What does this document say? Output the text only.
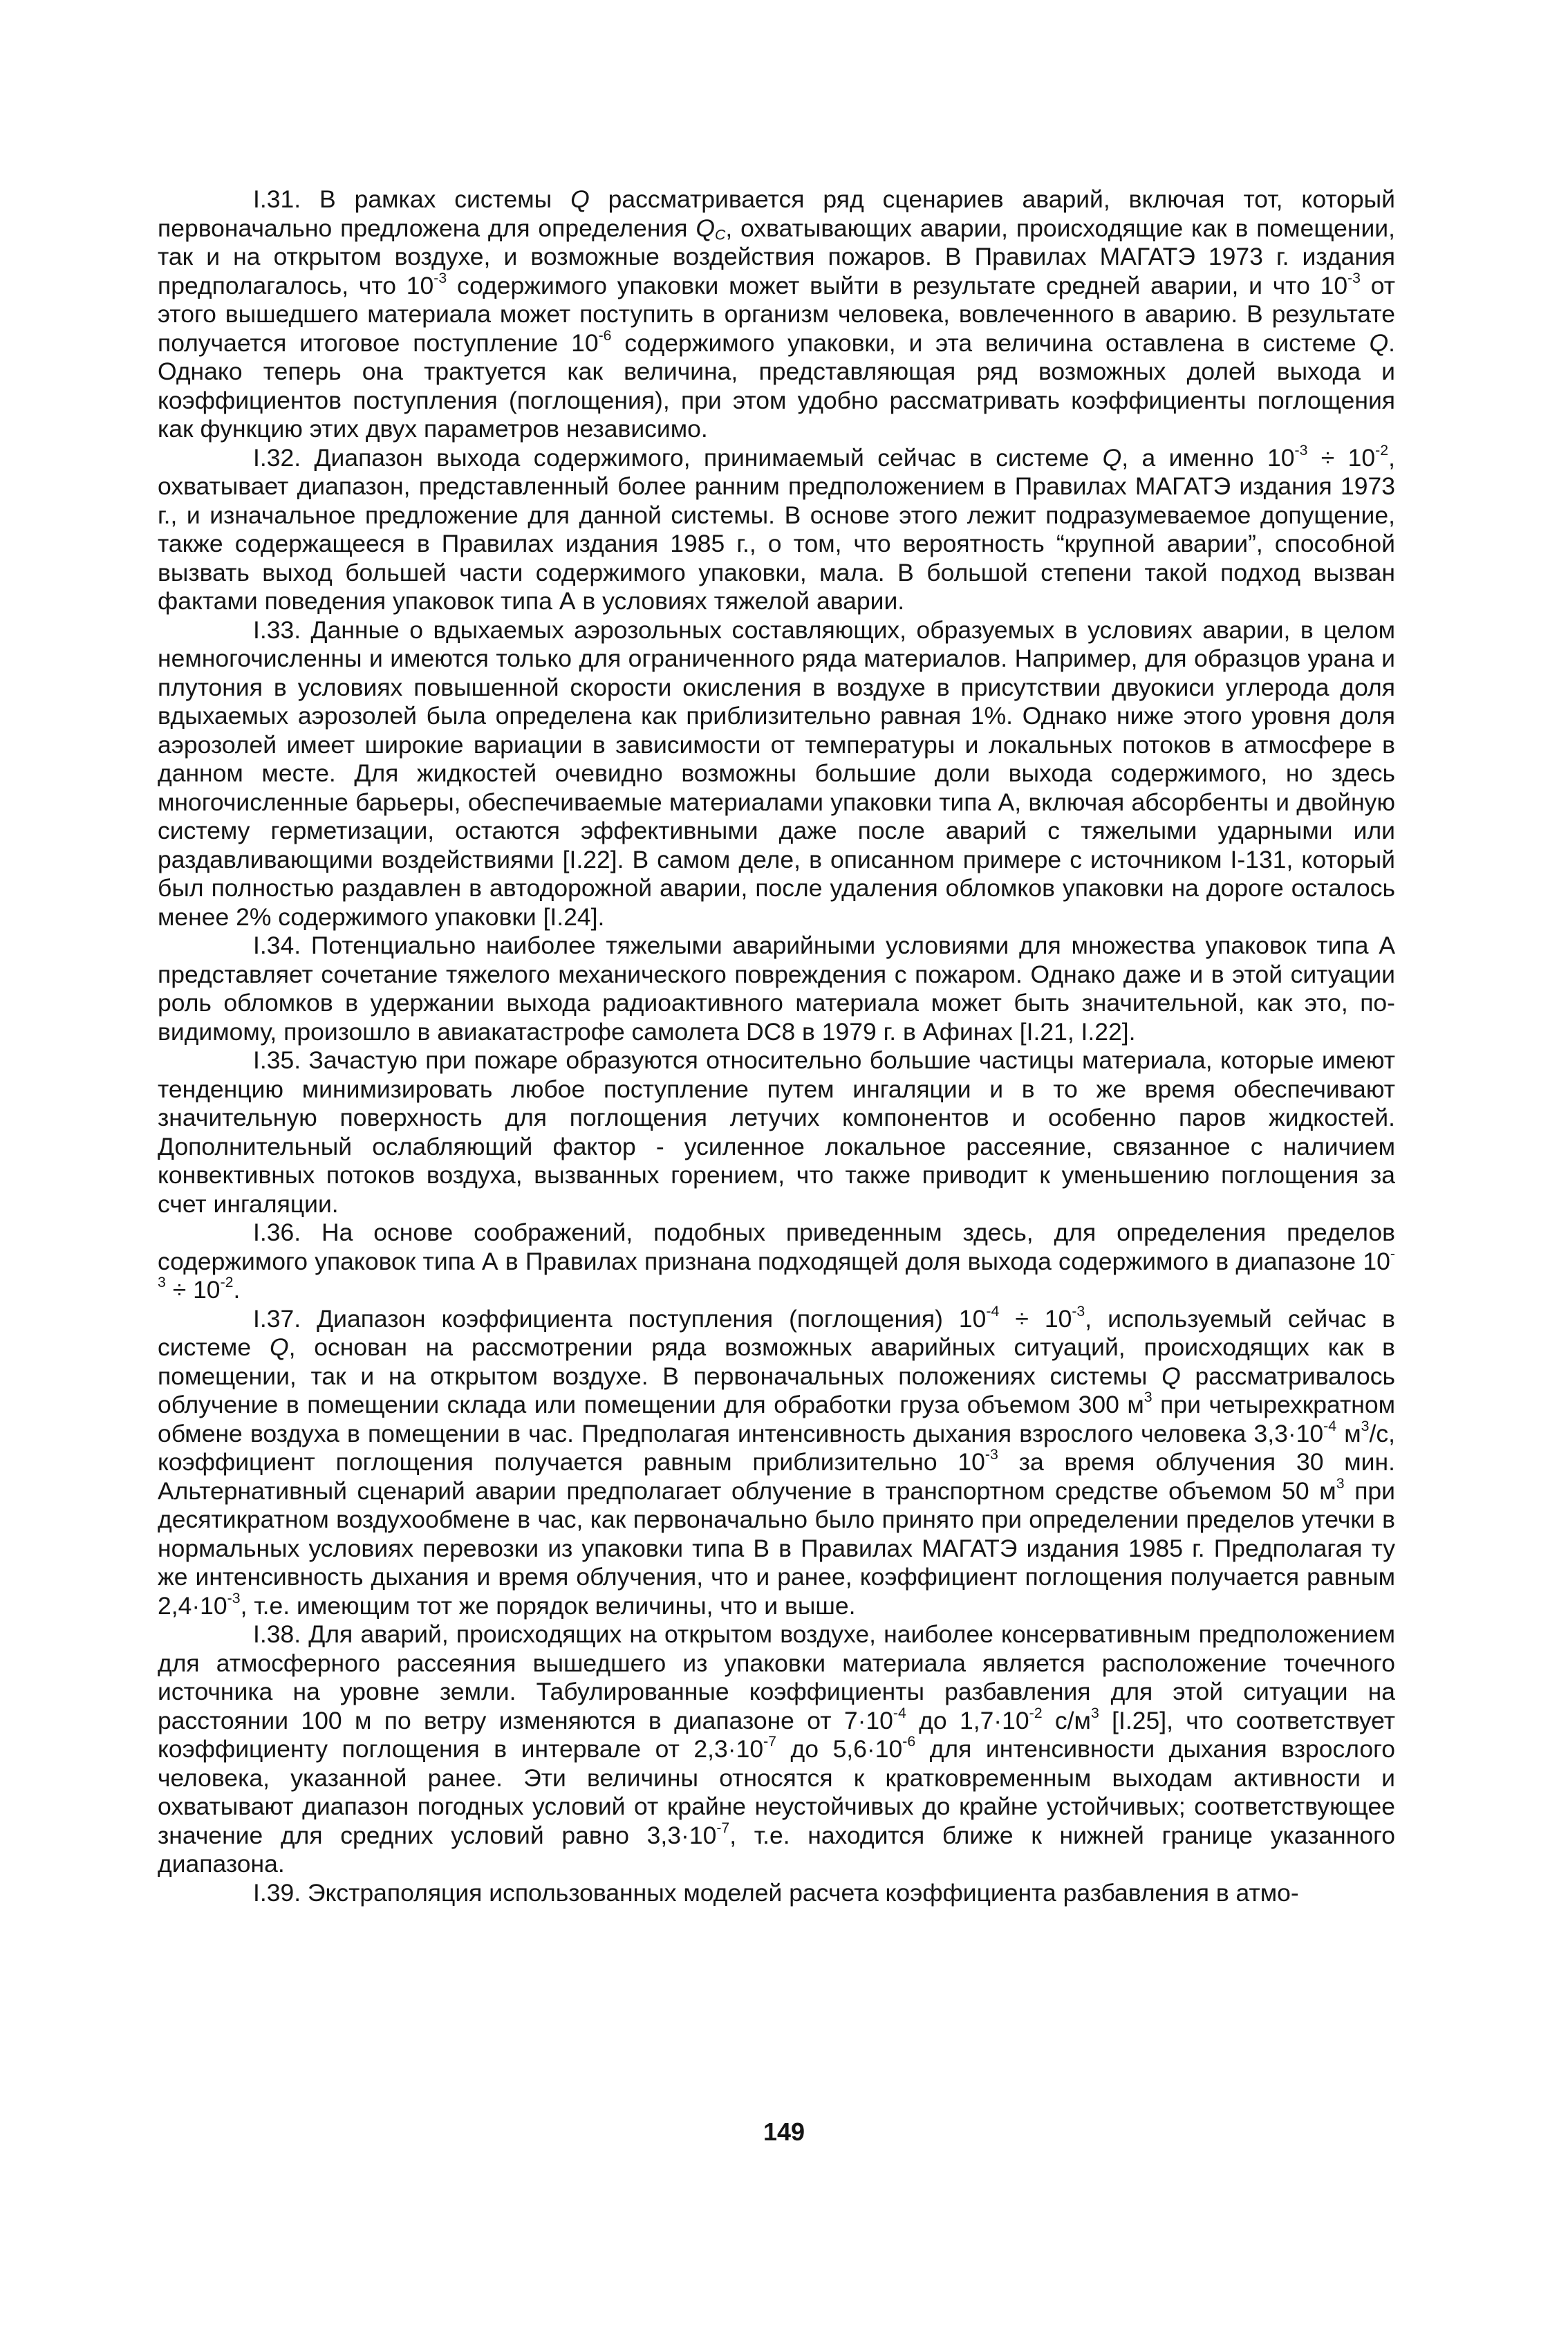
I.31. В рамках системы Q рассматривается ряд сценариев аварий, включая тот, который первоначально предложена для определения $Q_C$, охватывающих аварии, происходящие как в помещении, так и на открытом воздухе, и возможные воздействия пожаров. В Правилах МАГАТЭ 1973 г. издания предполагалось, что $10^{-3}$ содержимого упаковки может выйти в результате средней аварии, и что $10^{-3}$ от этого вышедшего материала может поступить в организм человека, вовлеченного в аварию. В результате получается итоговое поступление $10^{-6}$ содержимого упаковки, и эта величина оставлена в системе Q. Однако теперь она трактуется как величина, представляющая ряд возможных долей выхода и коэффициентов поступления (поглощения), при этом удобно рассматривать коэффициенты поглощения как функцию этих двух параметров независимо.

I.32. Диапазон выхода содержимого, принимаемый сейчас в системе Q, а именно $10^{-3} \div 10^{-2}$, охватывает диапазон, представленный более ранним предположением в Правилах МАГАТЭ издания 1973 г., и изначальное предложение для данной системы. В основе этого лежит подразумеваемое допущение, также содержащееся в Правилах издания 1985 г., о том, что вероятность “крупной аварии”, способной вызвать выход большей части содержимого упаковки, мала. В большой степени такой подход вызван фактами поведения упаковок типа А в условиях тяжелой аварии.

I.33. Данные о вдыхаемых аэрозольных составляющих, образуемых в условиях аварии, в целом немногочисленны и имеются только для ограниченного ряда материалов. Например, для образцов урана и плутония в условиях повышенной скорости окисления в воздухе в присутствии двуокиси углерода доля вдыхаемых аэрозолей была определена как приблизительно равная 1%. Однако ниже этого уровня доля аэрозолей имеет широкие вариации в зависимости от температуры и локальных потоков в атмосфере в данном месте. Для жидкостей очевидно возможны большие доли выхода содержимого, но здесь многочисленные барьеры, обеспечиваемые материалами упаковки типа А, включая абсорбенты и двойную систему герметизации, остаются эффективными даже после аварий с тяжелыми ударными или раздавливающими воздействиями [I.22]. В самом деле, в описанном примере с источником I-131, который был полностью раздавлен в автодорожной аварии, после удаления обломков упаковки на дороге осталось менее 2% содержимого упаковки [I.24].

I.34. Потенциально наиболее тяжелыми аварийными условиями для множества упаковок типа А представляет сочетание тяжелого механического повреждения с пожаром. Однако даже и в этой ситуации роль обломков в удержании выхода радиоактивного материала может быть значительной, как это, по-видимому, произошло в авиакатастрофе самолета DC8 в 1979 г. в Афинах [I.21, I.22].

I.35. Зачастую при пожаре образуются относительно большие частицы материала, которые имеют тенденцию минимизировать любое поступление путем ингаляции и в то же время обеспечивают значительную поверхность для поглощения летучих компонентов и особенно паров жидкостей. Дополнительный ослабляющий фактор - усиленное локальное рассеяние, связанное с наличием конвективных потоков воздуха, вызванных горением, что также приводит к уменьшению поглощения за счет ингаляции.

I.36. На основе соображений, подобных приведенным здесь, для определения пределов содержимого упаковок типа А в Правилах признана подходящей доля выхода содержимого в диапазоне $10^{-3} \div 10^{-2}$.

I.37. Диапазон коэффициента поступления (поглощения) $10^{-4} \div 10^{-3}$, используемый сейчас в системе Q, основан на рассмотрении ряда возможных аварийных ситуаций, происходящих как в помещении, так и на открытом воздухе. В первоначальных положениях системы Q рассматривалось облучение в помещении склада или помещении для обработки груза объемом 300 $м^3$ при четырехкратном обмене воздуха в помещении в час. Предполагая интенсивность дыхания взрослого человека $3,3\cdot 10^{-4}$ $м^3/с$, коэффициент поглощения получается равным приблизительно $10^{-3}$ за время облучения 30 мин. Альтернативный сценарий аварии предполагает облучение в транспортном средстве объемом 50 $м^3$ при десятикратном воздухообмене в час, как первоначально было принято при определении пределов утечки в нормальных условиях перевозки из упаковки типа В в Правилах МАГАТЭ издания 1985 г. Предполагая ту же интенсивность дыхания и время облучения, что и ранее, коэффициент поглощения получается равным $2,4\cdot 10^{-3}$, т.е. имеющим тот же порядок величины, что и выше.

I.38. Для аварий, происходящих на открытом воздухе, наиболее консервативным предположением для атмосферного рассеяния вышедшего из упаковки материала является расположение точечного источника на уровне земли. Табулированные коэффициенты разбавления для этой ситуации на расстоянии 100 м по ветру изменяются в диапазоне от $7\cdot 10^{-4}$ до $1,7\cdot 10^{-2}$ $с/м^3$ [I.25], что соответствует коэффициенту поглощения в интервале от $2,3\cdot 10^{-7}$ до $5,6\cdot 10^{-6}$ для интенсивности дыхания взрослого человека, указанной ранее. Эти величины относятся к кратковременным выходам активности и охватывают диапазон погодных условий от крайне неустойчивых до крайне устойчивых; соответствующее значение для средних условий равно $3,3\cdot 10^{-7}$, т.е. находится ближе к нижней границе указанного диапазона.

I.39. Экстраполяция использованных моделей расчета коэффициента разбавления в атмо-

149
